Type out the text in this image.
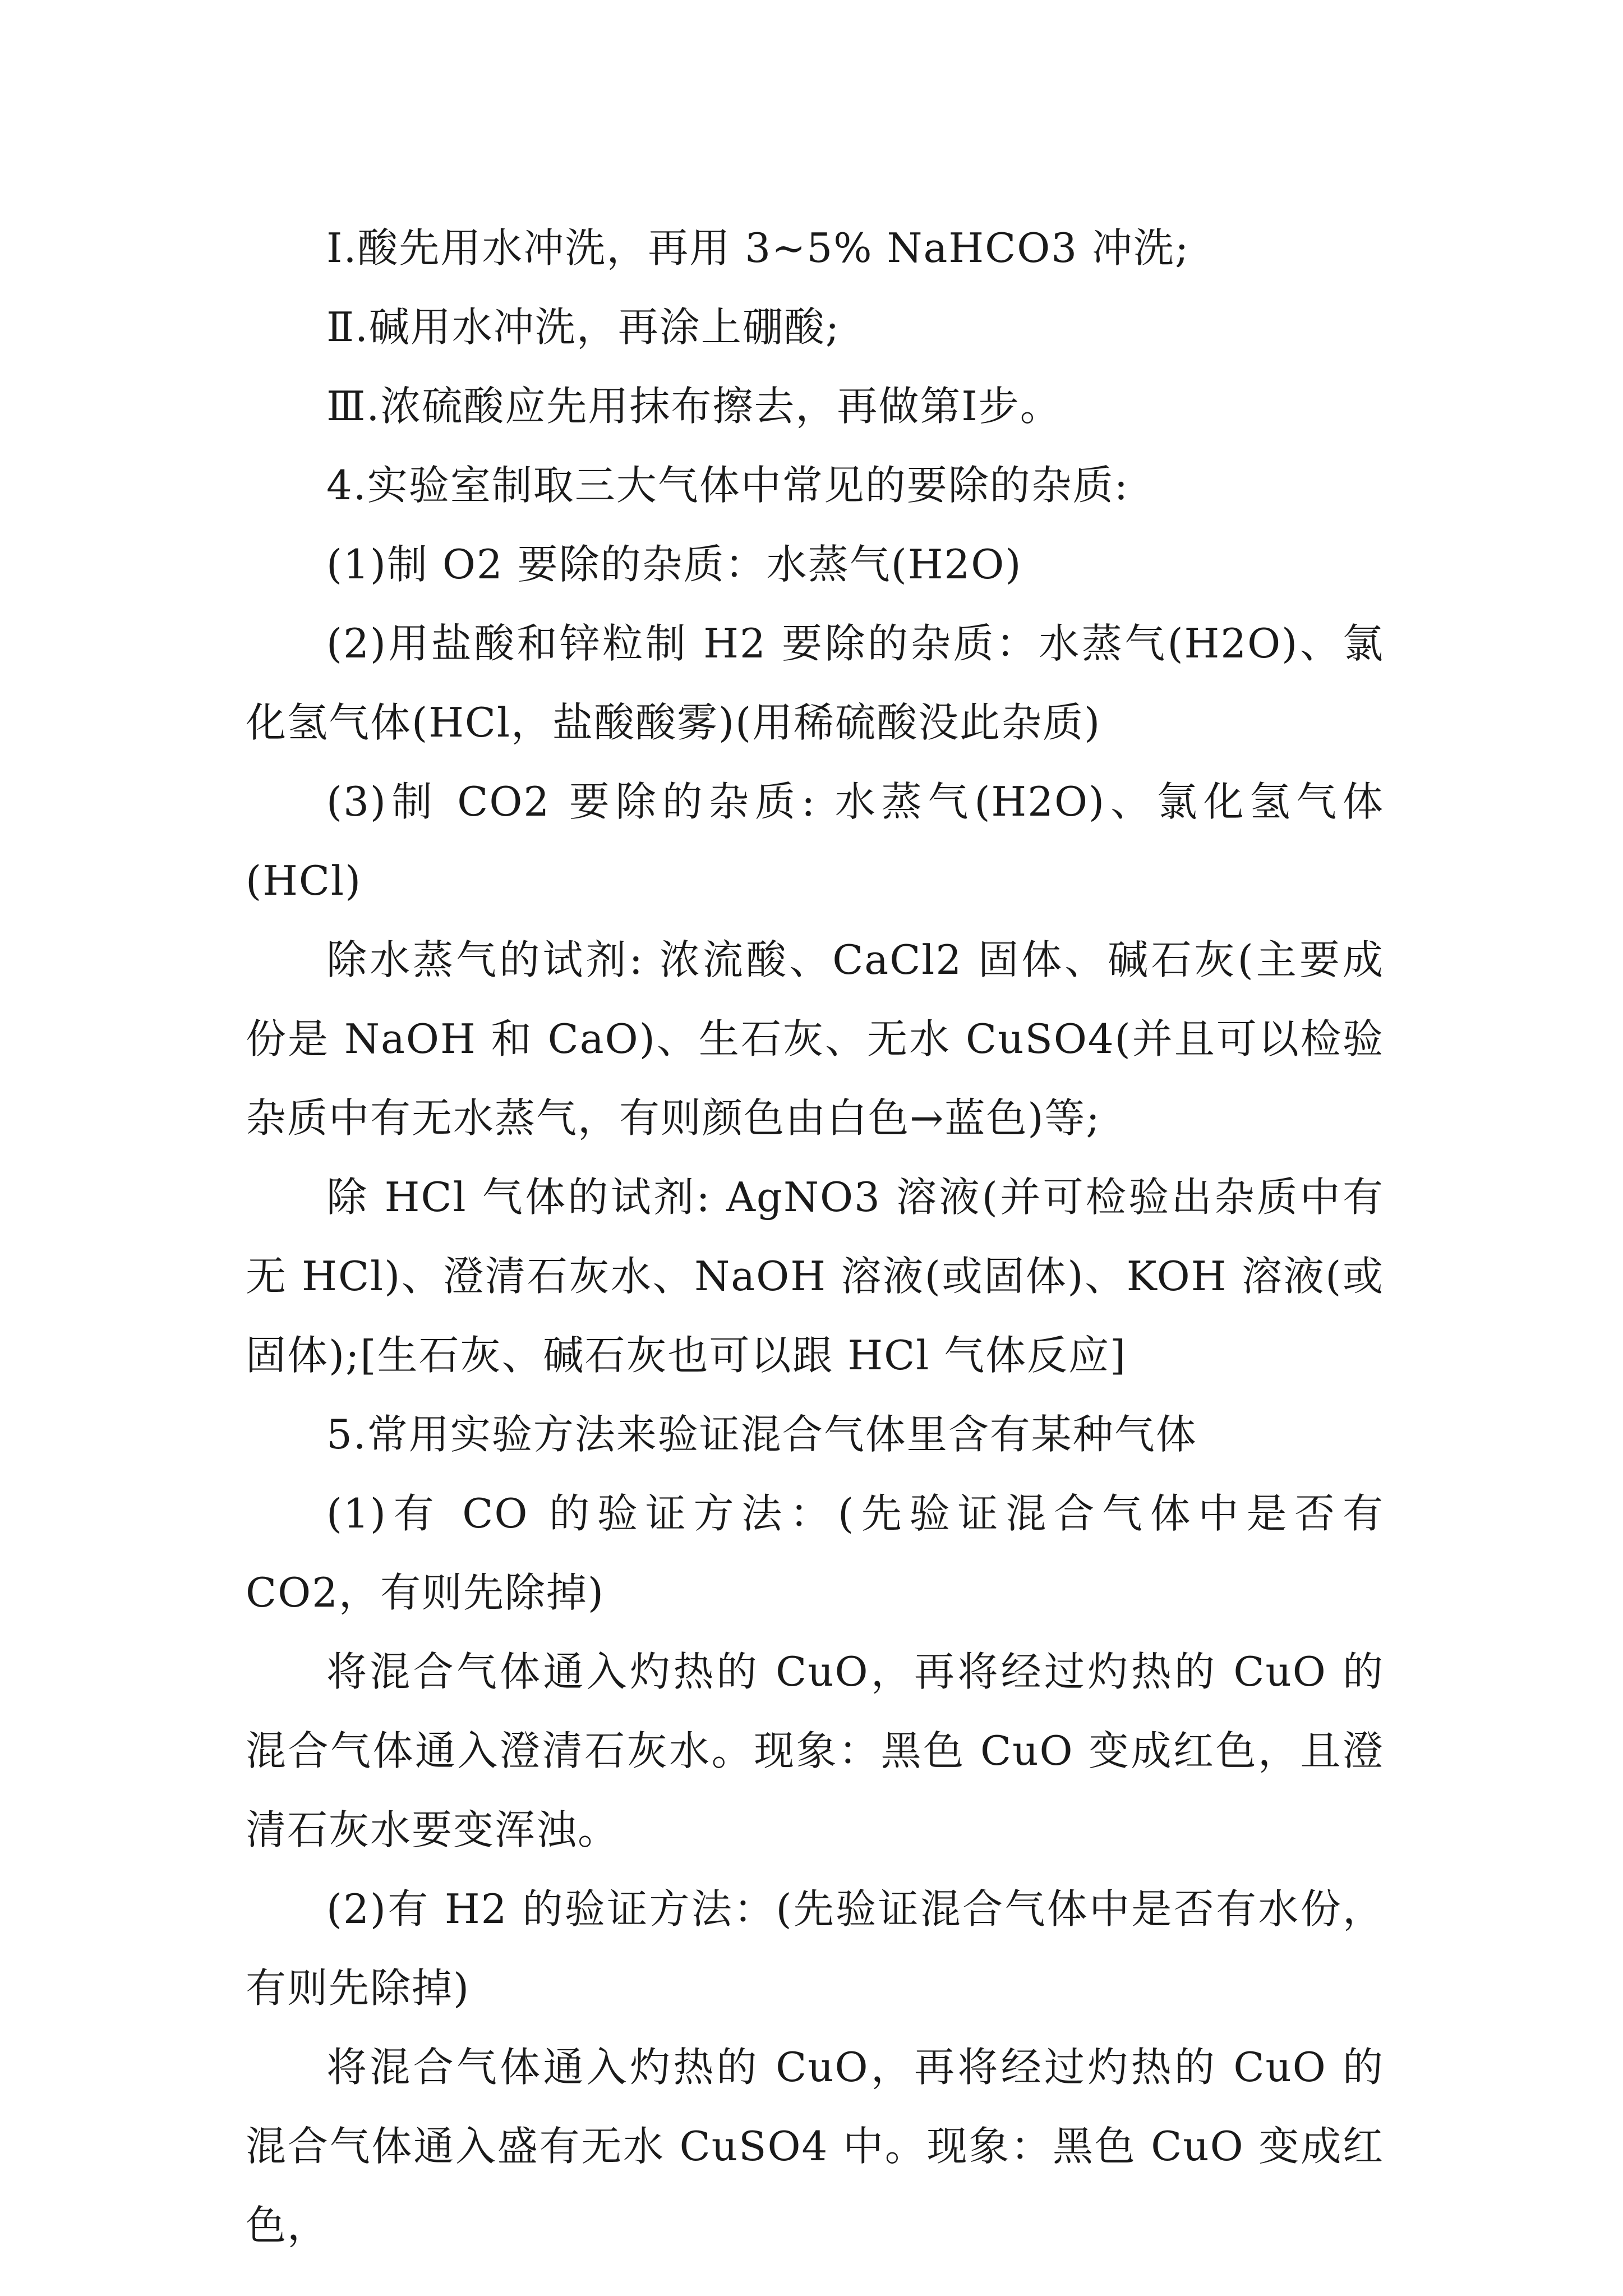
Ⅰ.酸先用水冲洗，再用 3~5% NaHCO3 冲洗;

Ⅱ.碱用水冲洗，再涂上硼酸;

Ⅲ.浓硫酸应先用抹布擦去，再做第Ⅰ步。

4.实验室制取三大气体中常见的要除的杂质:

(1)制 O2 要除的杂质：水蒸气(H2O)

(2)用盐酸和锌粒制 H2 要除的杂质：水蒸气(H2O)、氯化氢气体(HCl，盐酸酸雾)(用稀硫酸没此杂质)

(3)制 CO2 要除的杂质: 水蒸气(H2O)、氯化氢气体(HCl)

除水蒸气的试剂: 浓流酸、CaCl2 固体、碱石灰(主要成份是 NaOH 和 CaO)、生石灰、无水 CuSO4(并且可以检验杂质中有无水蒸气，有则颜色由白色→蓝色)等;

除 HCl 气体的试剂: AgNO3 溶液(并可检验出杂质中有无 HCl)、澄清石灰水、NaOH 溶液(或固体)、KOH 溶液(或固体);[生石灰、碱石灰也可以跟 HCl 气体反应]

5.常用实验方法来验证混合气体里含有某种气体

(1)有 CO 的验证方法：(先验证混合气体中是否有 CO2，有则先除掉)

将混合气体通入灼热的 CuO，再将经过灼热的 CuO 的混合气体通入澄清石灰水。现象：黑色 CuO 变成红色，且澄清石灰水要变浑浊。

(2)有 H2 的验证方法：(先验证混合气体中是否有水份，有则先除掉)

将混合气体通入灼热的 CuO，再将经过灼热的 CuO 的混合气体通入盛有无水 CuSO4 中。现象：黑色 CuO 变成红色，
